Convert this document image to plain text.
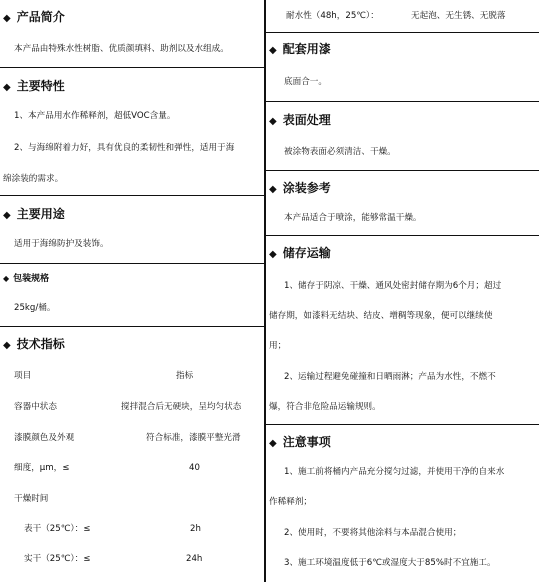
◆ 产品简介
本产品由特殊水性树脂、优质颜填料、助剂以及水组成。
◆ 主要特性
1、本产品用水作稀释剂，超低VOC含量。
2、与海绵附着力好，具有优良的柔韧性和弹性，适用于海
绵涂装的需求。
◆ 主要用途
适用于海绵防护及装饰。
◆ 包装规格
25kg/桶。
◆ 技术指标
项目	指标
容器中状态	搅拌混合后无硬块，呈均匀状态
漆膜颜色及外观	符合标准，漆膜平整光滑
细度，μm，≤	40
干燥时间
表干（25℃）：≤	2h
实干（25℃）：≤	24h
耐水性（48h，25℃）：	无起泡、无生锈、无脱落
◆ 配套用漆
底面合一。
◆ 表面处理
被涂物表面必须清洁、干燥。
◆ 涂装参考
本产品适合于喷涂，能够常温干燥。
◆ 储存运输
1、储存于阴凉、干燥、通风处密封储存期为6个月；超过
储存期，如漆料无结块、结皮、增稠等现象，便可以继续使
用；
2、运输过程避免碰撞和日晒雨淋；产品为水性，不燃不
爆，符合非危险品运输规则。
◆ 注意事项
1、施工前将桶内产品充分搅匀过滤，并使用干净的自来水
作稀释剂；
2、使用时，不要将其他涂料与本品混合使用；
3、施工环境温度低于6℃或湿度大于85%时不宜施工。
